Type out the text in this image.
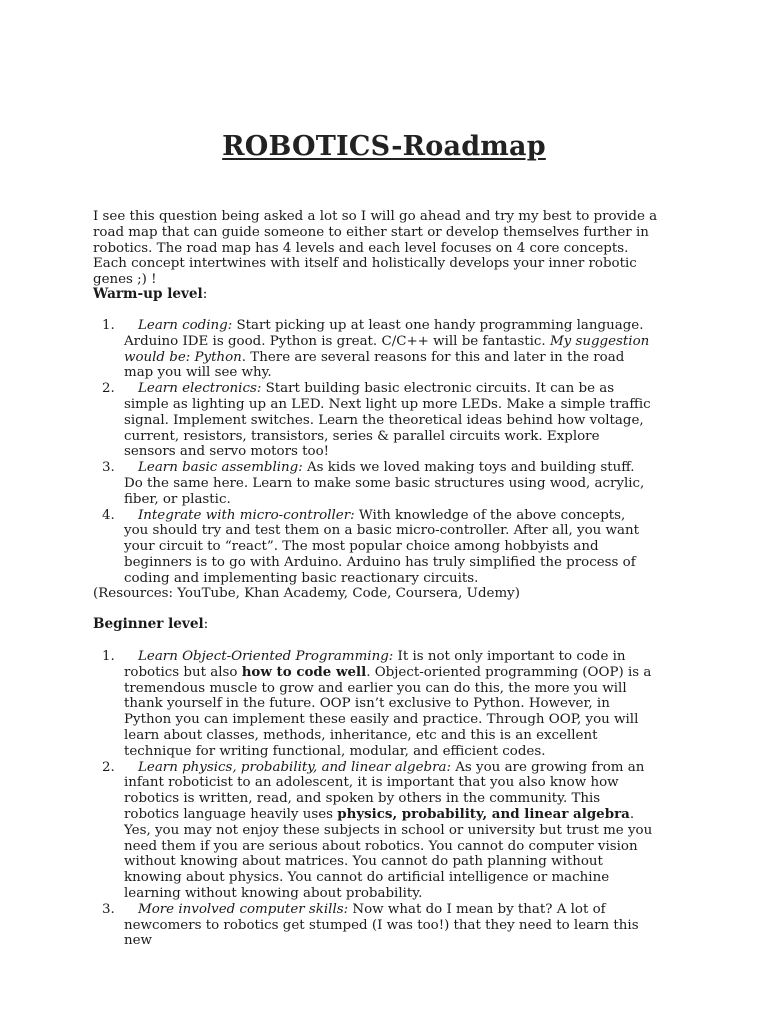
ROBOTICS-Roadmap

I see this question being asked a lot so I will go ahead and try my best to provide a road map that can guide someone to either start or develop themselves further in robotics. The road map has 4 levels and each level focuses on 4 core concepts. Each concept intertwines with itself and holistically develops your inner robotic genes ;) !

Warm-up level:
1. Learn coding: Start picking up at least one handy programming language. Arduino IDE is good. Python is great. C/C++ will be fantastic. My suggestion would be: Python. There are several reasons for this and later in the road map you will see why.
2. Learn electronics: Start building basic electronic circuits. It can be as simple as lighting up an LED. Next light up more LEDs. Make a simple traffic signal. Implement switches. Learn the theoretical ideas behind how voltage, current, resistors, transistors, series & parallel circuits work. Explore sensors and servo motors too!
3. Learn basic assembling: As kids we loved making toys and building stuff. Do the same here. Learn to make some basic structures using wood, acrylic, fiber, or plastic.
4. Integrate with micro-controller: With knowledge of the above concepts, you should try and test them on a basic micro-controller. After all, you want your circuit to “react”. The most popular choice among hobbyists and beginners is to go with Arduino. Arduino has truly simplified the process of coding and implementing basic reactionary circuits.
(Resources: YouTube, Khan Academy, Code, Coursera, Udemy)
Beginner level:
1. Learn Object-Oriented Programming: It is not only important to code in robotics but also how to code well. Object-oriented programming (OOP) is a tremendous muscle to grow and earlier you can do this, the more you will thank yourself in the future. OOP isn’t exclusive to Python. However, in Python you can implement these easily and practice. Through OOP, you will learn about classes, methods, inheritance, etc and this is an excellent technique for writing functional, modular, and efficient codes.
2. Learn physics, probability, and linear algebra: As you are growing from an infant roboticist to an adolescent, it is important that you also know how robotics is written, read, and spoken by others in the community. This robotics language heavily uses physics, probability, and linear algebra. Yes, you may not enjoy these subjects in school or university but trust me you need them if you are serious about robotics. You cannot do computer vision without knowing about matrices. You cannot do path planning without knowing about physics. You cannot do artificial intelligence or machine learning without knowing about probability.
3. More involved computer skills: Now what do I mean by that? A lot of newcomers to robotics get stumped (I was too!) that they need to learn this new
